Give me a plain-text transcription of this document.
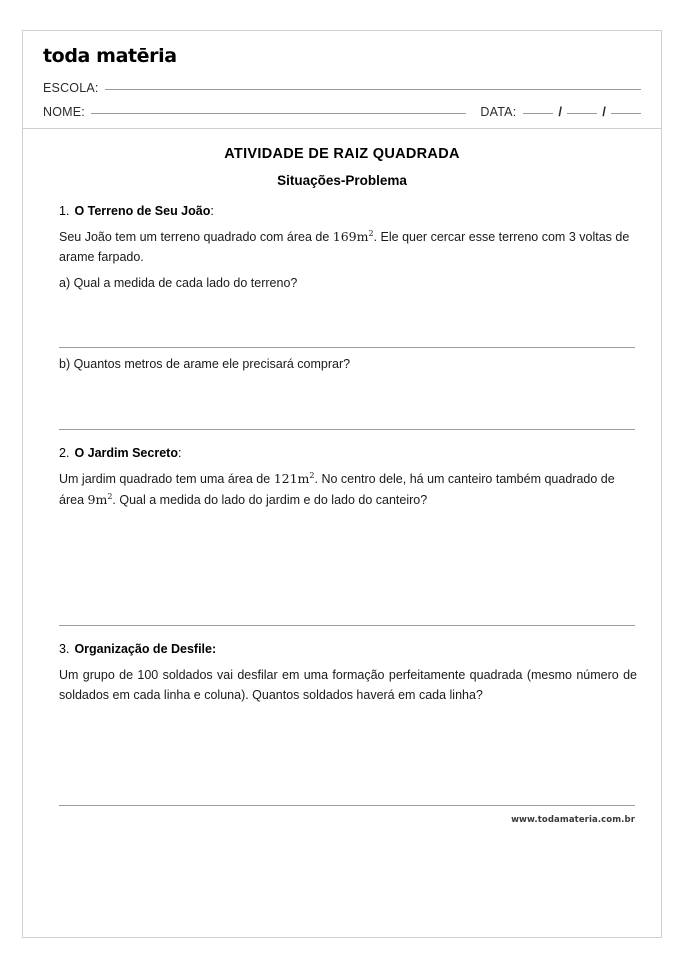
toda matēria
ESCOLA:
NOME:	DATA:	/	/
ATIVIDADE DE RAIZ QUADRADA
Situações-Problema
1. O Terreno de Seu João:
Seu João tem um terreno quadrado com área de $169m^2$. Ele quer cercar esse terreno com 3 voltas de arame farpado.
a) Qual a medida de cada lado do terreno?
b) Quantos metros de arame ele precisará comprar?
2. O Jardim Secreto:
Um jardim quadrado tem uma área de $121m^2$. No centro dele, há um canteiro também quadrado de área $9m^2$. Qual a medida do lado do jardim e do lado do canteiro?
3. Organização de Desfile:
Um grupo de 100 soldados vai desfilar em uma formação perfeitamente quadrada (mesmo número de soldados em cada linha e coluna). Quantos soldados haverá em cada linha?
www.todamateria.com.br
